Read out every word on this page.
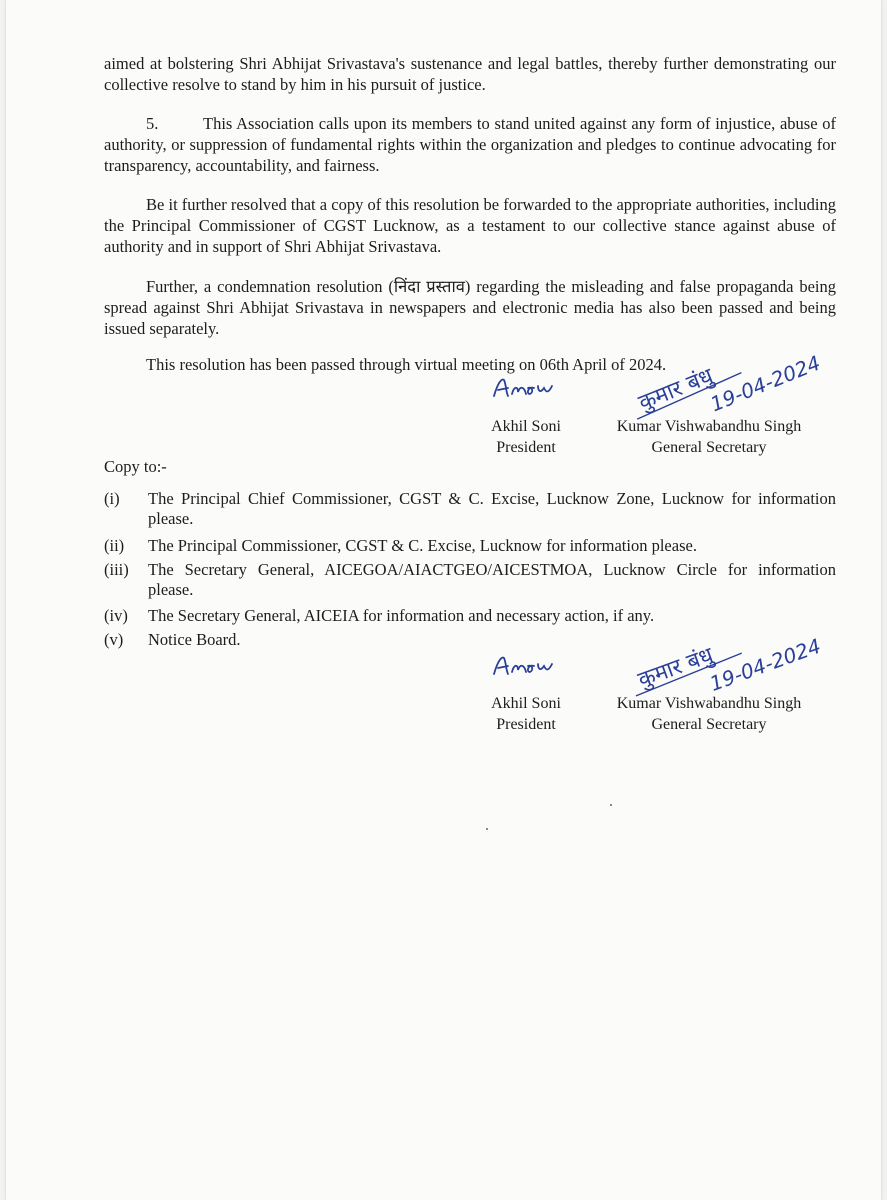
aimed at bolstering Shri Abhijat Srivastava's sustenance and legal battles, thereby further demonstrating our collective resolve to stand by him in his pursuit of justice.

5.	This Association calls upon its members to stand united against any form of injustice, abuse of authority, or suppression of fundamental rights within the organization and pledges to continue advocating for transparency, accountability, and fairness.

Be it further resolved that a copy of this resolution be forwarded to the appropriate authorities, including the Principal Commissioner of CGST Lucknow, as a testament to our collective stance against abuse of authority and in support of Shri Abhijat Srivastava.

Further, a condemnation resolution (निंदा प्रस्ताव) regarding the misleading and false propaganda being spread against Shri Abhijat Srivastava in newspapers and electronic media has also been passed and being issued separately.

This resolution has been passed through virtual meeting on 06th April of 2024.

कुमार बंधु
19-04-2024
Akhil Soni
President
Kumar Vishwabandhu Singh
General Secretary
Copy to:-
(i)	The Principal Chief Commissioner, CGST & C. Excise, Lucknow Zone, Lucknow for information please.
(ii)	The Principal Commissioner, CGST & C. Excise, Lucknow for information please.
(iii)	The Secretary General, AICEGOA/AIACTGEO/AICESTMOA, Lucknow Circle for information please.
(iv)	The Secretary General, AICEIA for information and necessary action, if any.
(v)	Notice Board.
कुमार बंधु
19-04-2024
Akhil Soni
President
Kumar Vishwabandhu Singh
General Secretary
